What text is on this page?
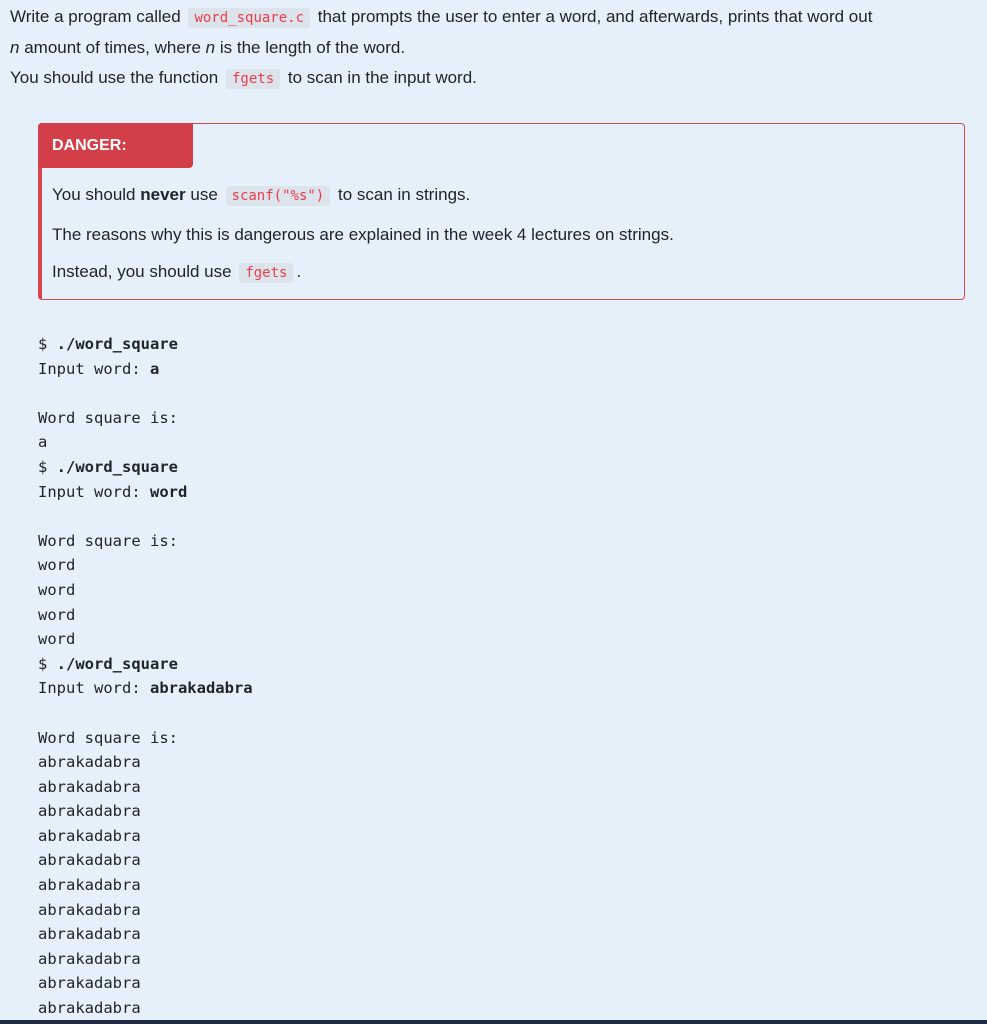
Write a program called word_square.c that prompts the user to enter a word, and afterwards, prints that word out

n amount of times, where n is the length of the word.

You should use the function fgets to scan in the input word.

DANGER:

You should never use scanf("%s") to scan in strings.

The reasons why this is dangerous are explained in the week 4 lectures on strings.

Instead, you should use fgets .

$ ./word_square
Input word: a

Word square is:
a
$ ./word_square
Input word: word

Word square is:
word
word
word
word
$ ./word_square
Input word: abrakadabra

Word square is:
abrakadabra
abrakadabra
abrakadabra
abrakadabra
abrakadabra
abrakadabra
abrakadabra
abrakadabra
abrakadabra
abrakadabra
abrakadabra
